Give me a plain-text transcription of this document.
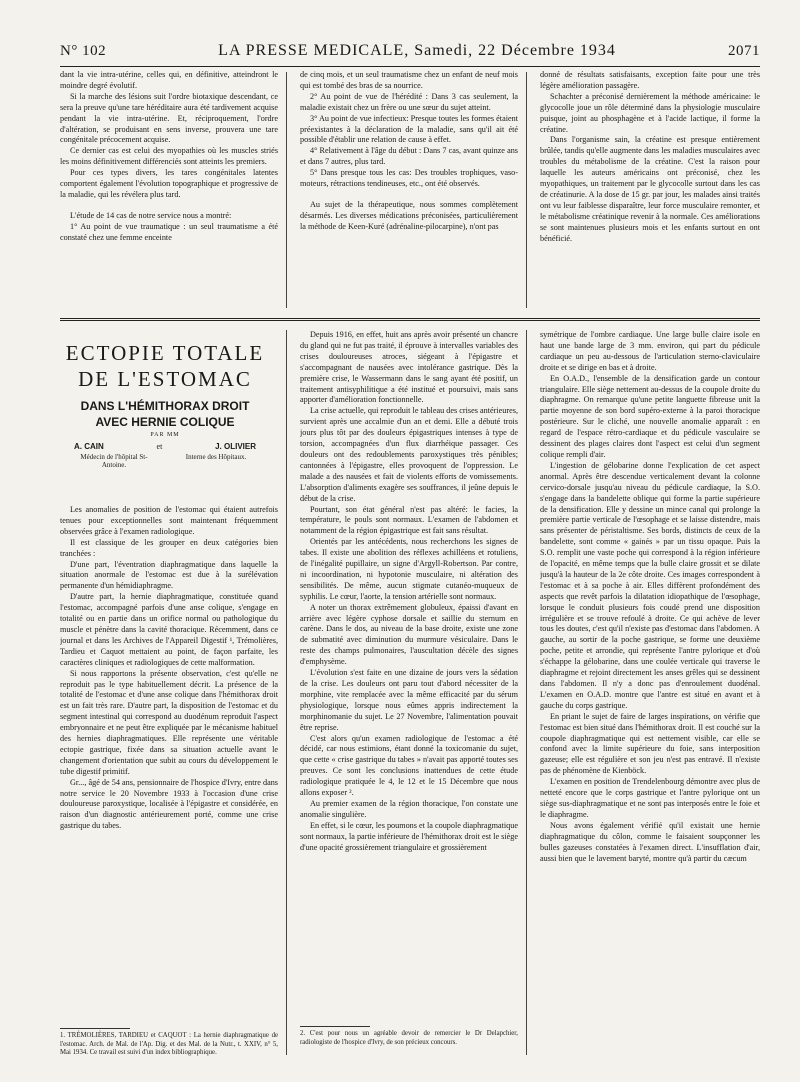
N° 102	LA PRESSE MEDICALE, Samedi, 22 Décembre 1934	2071

dant la vie intra-utérine, celles qui, en définitive, atteindront le moindre degré évolutif.

Si la marche des lésions suit l'ordre biotaxique descendant, ce sera la preuve qu'une tare héréditaire aura été tardivement acquise pendant la vie intra-utérine. Et, réciproquement, l'ordre d'altération, se produisant en sens inverse, prouvera une tare congénitale précocement acquise.

Ce dernier cas est celui des myopathies où les muscles striés les moins définitivement différenciés sont atteints les premiers.

Pour ces types divers, les tares congénitales latentes comportent également l'évolution topographique et progressive de la maladie, qui les révélera plus tard.

L'étude de 14 cas de notre service nous a montré:

1° Au point de vue traumatique : un seul traumatisme a été constaté chez une femme enceinte

de cinq mois, et un seul traumatisme chez un enfant de neuf mois qui est tombé des bras de sa nourrice.

2° Au point de vue de l'hérédité : Dans 3 cas seulement, la maladie existait chez un frère ou une sœur du sujet atteint.

3° Au point de vue infectieux: Presque toutes les formes étaient préexistantes à la déclaration de la maladie, sans qu'il ait été possible d'établir une relation de cause à effet.

4° Relativement à l'âge du début : Dans 7 cas, avant quinze ans et dans 7 autres, plus tard.

5° Dans presque tous les cas: Des troubles trophiques, vaso-moteurs, rétractions tendineuses, etc., ont été observés.

Au sujet de la thérapeutique, nous sommes complètement désarmés. Les diverses médications préconisées, particulièrement la méthode de Keen-Kuré (adrénaline-pilocarpine), n'ont pas

donné de résultats satisfaisants, exception faite pour une très légère amélioration passagère.

Schachter a préconisé dernièrement la méthode américaine: le glycocolle joue un rôle déterminé dans la physiologie musculaire puisque, joint au phosphagène et à l'acide lactique, il forme la créatine.

Dans l'organisme sain, la créatine est presque entièrement brûlée, tandis qu'elle augmente dans les maladies musculaires avec troubles du métabolisme de la créatine. C'est la raison pour laquelle les auteurs américains ont préconisé, chez les myopathiques, un traitement par le glycocolle surtout dans les cas de créatinurie. A la dose de 15 gr. par jour, les malades ainsi traités ont vu leur faiblesse disparaître, leur force musculaire remonter, et le métabolisme créatinique revenir à la normale. Ces améliorations se sont maintenues plusieurs mois et les enfants surtout en ont bénéficié.

ECTOPIE TOTALE
DE L'ESTOMAC
DANS L'HÉMITHORAX DROIT
AVEC HERNIE COLIQUE
PAR MM
A. CAIN	et	J. OLIVIER
Médecin de l'hôpital St-Antoine.
Interne des Hôpitaux.

Les anomalies de position de l'estomac qui étaient autrefois tenues pour exceptionnelles sont maintenant fréquemment observées grâce à l'examen radiologique.

Il est classique de les grouper en deux catégories bien tranchées :

D'une part, l'éventration diaphragmatique dans laquelle la situation anormale de l'estomac est due à la surélévation permanente d'un hémidiaphragme.

D'autre part, la hernie diaphragmatique, constituée quand l'estomac, accompagné parfois d'une anse colique, s'engage en totalité ou en partie dans un orifice normal ou pathologique du muscle et pénètre dans la cavité thoracique. Récemment, dans ce journal et dans les Archives de l'Appareil Digestif ¹, Trémolières, Tardieu et Caquot mettaient au point, de façon parfaite, les caractères cliniques et radiologiques de cette malformation.

Si nous rapportons la présente observation, c'est qu'elle ne reproduit pas le type habituellement décrit. La présence de la totalité de l'estomac et d'une anse colique dans l'hémithorax droit est un fait très rare. D'autre part, la disposition de l'estomac et du segment intestinal qui correspond au duodénum reproduit l'aspect embryonnaire et ne peut être expliquée par le mécanisme habituel des hernies diaphragmatiques. Elle représente une véritable ectopie gastrique, fixée dans sa situation actuelle avant le changement d'orientation que subit au cours du développement le tube digestif primitif.

Gr..., âgé de 54 ans, pensionnaire de l'hospice d'Ivry, entre dans notre service le 20 Novembre 1933 à l'occasion d'une crise douloureuse paroxystique, localisée à l'épigastre et considérée, en raison d'un diagnostic antérieurement porté, comme une crise gastrique du tabes.

1. TRÉMOLIÈRES, TARDIEU et CAQUOT : La hernie diaphragmatique de l'estomac. Arch. de Mal. de l'Ap. Dig. et des Mal. de la Nutr., t. XXIV, n° 5, Mai 1934. Ce travail est suivi d'un index bibliographique.

Depuis 1916, en effet, huit ans après avoir présenté un chancre du gland qui ne fut pas traité, il éprouve à intervalles variables des crises douloureuses atroces, siégeant à l'épigastre et s'accompagnant de nausées avec intolérance gastrique. Dès la première crise, le Wassermann dans le sang ayant été positif, un traitement antisyphilitique a été institué et poursuivi, mais sans apporter d'amélioration fonctionnelle.

La crise actuelle, qui reproduit le tableau des crises antérieures, survient après une accalmie d'un an et demi. Elle a débuté trois jours plus tôt par des douleurs épigastriques intenses à type de torsion, accompagnées d'un flux diarrhéique passager. Ces douleurs ont des redoublements paroxystiques très pénibles; cantonnées à l'épigastre, elles provoquent de l'oppression. Le malade a des nausées et fait de violents efforts de vomissements. L'absorption d'aliments exagère ses souffrances, il jeûne depuis le début de la crise.

Pourtant, son état général n'est pas altéré: le facies, la température, le pouls sont normaux. L'examen de l'abdomen et notamment de la région épigastrique est fait sans résultat.

Orientés par les antécédents, nous recherchons les signes de tabes. Il existe une abolition des réflexes achilléens et rotuliens, de l'inégalité pupillaire, un signe d'Argyll-Robertson. Par contre, ni incoordination, ni hypotonie musculaire, ni altération des sensibilités. De même, aucun stigmate cutanéo-muqueux de syphilis. Le cœur, l'aorte, la tension artérielle sont normaux.

A noter un thorax extrêmement globuleux, épaissi d'avant en arrière avec légère cyphose dorsale et saillie du sternum en carène. Dans le dos, au niveau de la base droite, existe une zone de submatité avec diminution du murmure vésiculaire. Dans le reste des champs pulmonaires, l'auscultation décèle des signes d'emphysème.

L'évolution s'est faite en une dizaine de jours vers la sédation de la crise. Les douleurs ont paru tout d'abord nécessiter de la morphine, vite remplacée avec la même efficacité par du sérum physiologique, lorsque nous eûmes appris indirectement la morphinomanie du sujet. Le 27 Novembre, l'alimentation pouvait être reprise.

C'est alors qu'un examen radiologique de l'estomac a été décidé, car nous estimions, étant donné la toxicomanie du sujet, que cette « crise gastrique du tabes » n'avait pas apporté toutes ses preuves. Ce sont les conclusions inattendues de cette étude radiologique pratiquée le 4, le 12 et le 15 Décembre que nous allons exposer ².

Au premier examen de la région thoracique, l'on constate une anomalie singulière.

En effet, si le cœur, les poumons et la coupole diaphragmatique sont normaux, la partie inférieure de l'hémithorax droit est le siège d'une opacité grossièrement triangulaire et grossièrement

2. C'est pour nous un agréable devoir de remercier le Dr Delapchier, radiologiste de l'hospice d'Ivry, de son précieux concours.

symétrique de l'ombre cardiaque. Une large bulle claire isole en haut une bande large de 3 mm. environ, qui part du pédicule cardiaque un peu au-dessous de l'articulation sterno-claviculaire droite et se dirige en bas et à droite.

En O.A.D., l'ensemble de la densification garde un contour triangulaire. Elle siège nettement au-dessus de la coupole droite du diaphragme. On remarque qu'une petite languette fibreuse unit la partie moyenne de son bord supéro-externe à la paroi thoracique postérieure. Sur le cliché, une nouvelle anomalie apparaît : en regard de l'espace rétro-cardiaque et du pédicule vasculaire se dessinent des plages claires dont l'aspect est celui d'un segment colique rempli d'air.

L'ingestion de gélobarine donne l'explication de cet aspect anormal. Après être descendue verticalement devant la colonne cervico-dorsale jusqu'au niveau du pédicule cardiaque, la S.O. s'engage dans la bandelette oblique qui forme la partie supérieure de la densification. Elle y dessine un mince canal qui prolonge la première partie verticale de l'œsophage et se laisse distendre, mais sans présenter de péristaltisme. Ses bords, distincts de ceux de la bandelette, sont comme « gainés » par un tissu opaque. Puis la S.O. remplit une vaste poche qui correspond à la région inférieure de l'opacité, en même temps que la bulle claire grossit et se dilate jusqu'à la hauteur de la 2e côte droite. Ces images correspondent à l'estomac et à sa poche à air. Elles diffèrent profondément des aspects que revêt parfois la dilatation idiopathique de l'œsophage, lorsque le conduit plusieurs fois coudé prend une disposition irrégulière et se trouve refoulé à droite. Ce qui achève de lever tous les doutes, c'est qu'il n'existe pas d'estomac dans l'abdomen. A gauche, au sortir de la poche gastrique, se forme une deuxième poche, petite et arrondie, qui représente l'antre pylorique et d'où s'échappe la gélobarine, dans une coulée verticale qui traverse le diaphragme et rejoint directement les anses grêles qui se dessinent dans l'abdomen. Il n'y a donc pas d'enroulement duodénal. L'examen en O.A.D. montre que l'antre est situé en avant et à gauche du corps gastrique.

En priant le sujet de faire de larges inspirations, on vérifie que l'estomac est bien situé dans l'hémithorax droit. Il est couché sur la coupole diaphragmatique qui est nettement visible, car elle se confond avec la limite supérieure du foie, sans interposition gazeuse; elle est régulière et son jeu n'est pas entravé. Il n'existe pas de phénomène de Kienböck.

L'examen en position de Trendelenbourg démontre avec plus de netteté encore que le corps gastrique et l'antre pylorique ont un siège sus-diaphragmatique et ne sont pas interposés entre le foie et le diaphragme.

Nous avons également vérifié qu'il existait une hernie diaphragmatique du côlon, comme le faisaient soupçonner les bulles gazeuses constatées à l'examen direct. L'insufflation d'air, aussi bien que le lavement baryté, montre qu'à partir du cæcum
